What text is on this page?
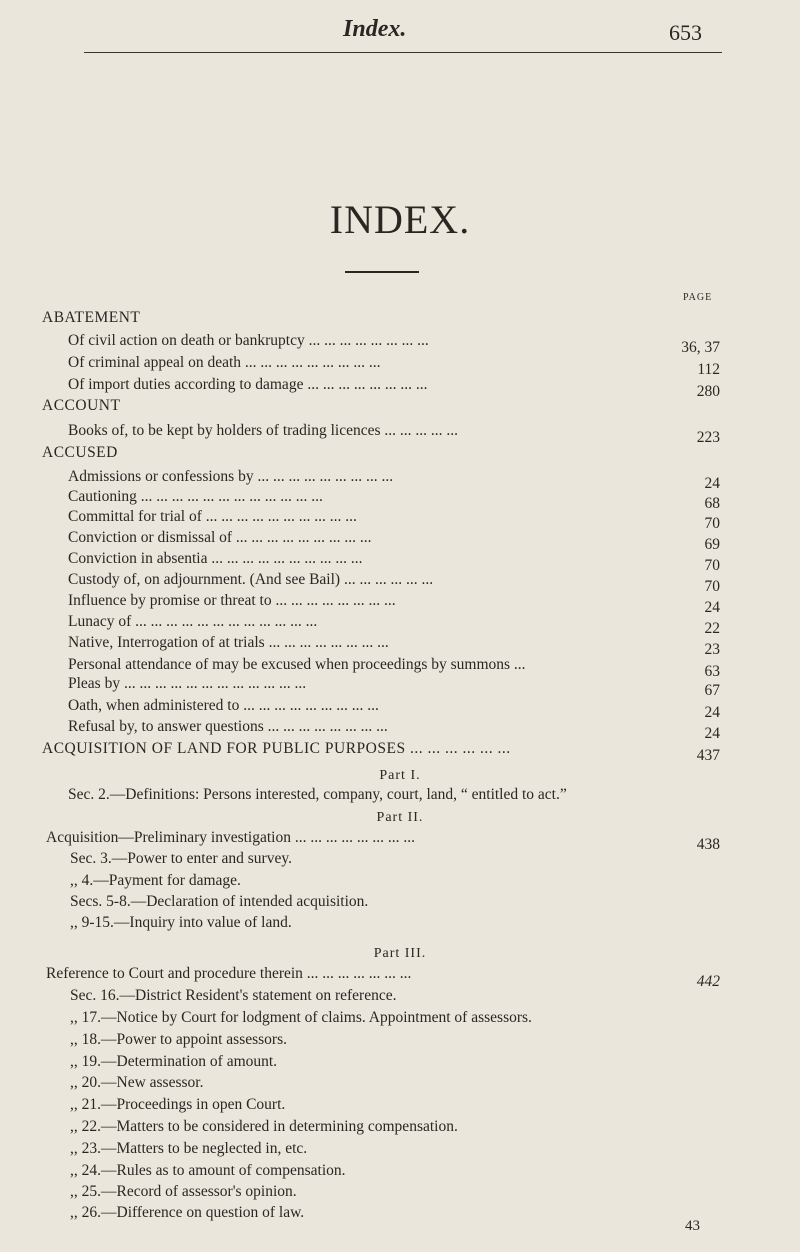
Index.	653
INDEX.
PAGE
ABATEMENT
Of civil action on death or bankruptcy ... ... ... ... ... ... ... ...	36, 37
Of criminal appeal on death ... ... ... ... ... ... ... ... ...	112
Of import duties according to damage ... ... ... ... ... ... ... ...	280
ACCOUNT
Books of, to be kept by holders of trading licences ... ... ... ... ...	223
ACCUSED
Admissions or confessions by ... ... ... ... ... ... ... ... ...	24
Cautioning ... ... ... ... ... ... ... ... ... ... ... ...	68
Committal for trial of ... ... ... ... ... ... ... ... ... ...	70
Conviction or dismissal of ... ... ... ... ... ... ... ... ...	69
Conviction in absentia ... ... ... ... ... ... ... ... ... ...	70
Custody of, on adjournment. (And see Bail) ... ... ... ... ... ...	70
Influence by promise or threat to ... ... ... ... ... ... ... ...	24
Lunacy of ... ... ... ... ... ... ... ... ... ... ... ...	22
Native, Interrogation of at trials ... ... ... ... ... ... ... ...	23
Personal attendance of may be excused when proceedings by summons ...	63
Pleas by ... ... ... ... ... ... ... ... ... ... ... ...	67
Oath, when administered to ... ... ... ... ... ... ... ... ...	24
Refusal by, to answer questions ... ... ... ... ... ... ... ...	24
ACQUISITION OF LAND FOR PUBLIC PURPOSES ... ... ... ... ... ...	437
Part I.
Sec. 2.—Definitions: Persons interested, company, court, land, “ entitled to act.”
Part II.
Acquisition—Preliminary investigation ... ... ... ... ... ... ... ...	438
Sec. 3.—Power to enter and survey.
,, 4.—Payment for damage.
Secs. 5-8.—Declaration of intended acquisition.
,, 9-15.—Inquiry into value of land.
Part III.
Reference to Court and procedure therein ... ... ... ... ... ... ...	442
Sec. 16.—District Resident's statement on reference.
,, 17.—Notice by Court for lodgment of claims. Appointment of assessors.
,, 18.—Power to appoint assessors.
,, 19.—Determination of amount.
,, 20.—New assessor.
,, 21.—Proceedings in open Court.
,, 22.—Matters to be considered in determining compensation.
,, 23.—Matters to be neglected in, etc.
,, 24.—Rules as to amount of compensation.
,, 25.—Record of assessor's opinion.
,, 26.—Difference on question of law.
43
